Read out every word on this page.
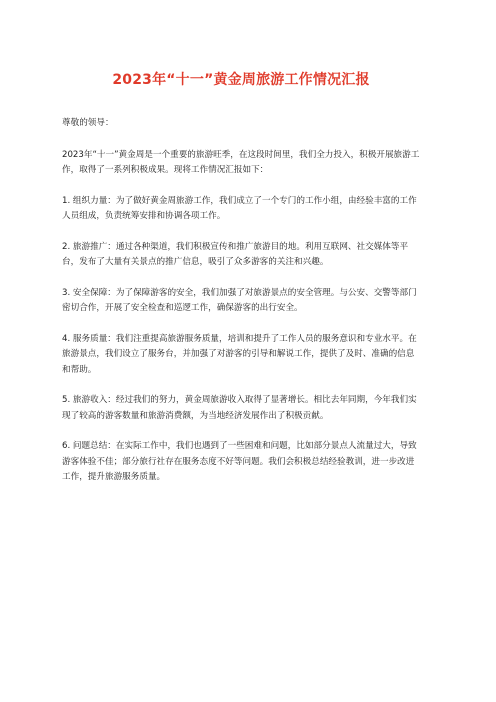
2023年“十一”黄金周旅游工作情况汇报
尊敬的领导：
2023年“十一”黄金周是一个重要的旅游旺季，在这段时间里，我们全力投入，积极开展旅游工作，取得了一系列积极成果。现将工作情况汇报如下：
1. 组织力量：为了做好黄金周旅游工作，我们成立了一个专门的工作小组，由经验丰富的工作人员组成，负责统筹安排和协调各项工作。
2. 旅游推广：通过各种渠道，我们积极宣传和推广旅游目的地。利用互联网、社交媒体等平台，发布了大量有关景点的推广信息，吸引了众多游客的关注和兴趣。
3. 安全保障：为了保障游客的安全，我们加强了对旅游景点的安全管理。与公安、交警等部门密切合作，开展了安全检查和巡逻工作，确保游客的出行安全。
4. 服务质量：我们注重提高旅游服务质量，培训和提升了工作人员的服务意识和专业水平。在旅游景点，我们设立了服务台，并加强了对游客的引导和解说工作，提供了及时、准确的信息和帮助。
5. 旅游收入：经过我们的努力，黄金周旅游收入取得了显著增长。相比去年同期，今年我们实现了较高的游客数量和旅游消费额，为当地经济发展作出了积极贡献。
6. 问题总结：在实际工作中，我们也遇到了一些困难和问题，比如部分景点人流量过大，导致游客体验不佳；部分旅行社存在服务态度不好等问题。我们会积极总结经验教训，进一步改进工作，提升旅游服务质量。
